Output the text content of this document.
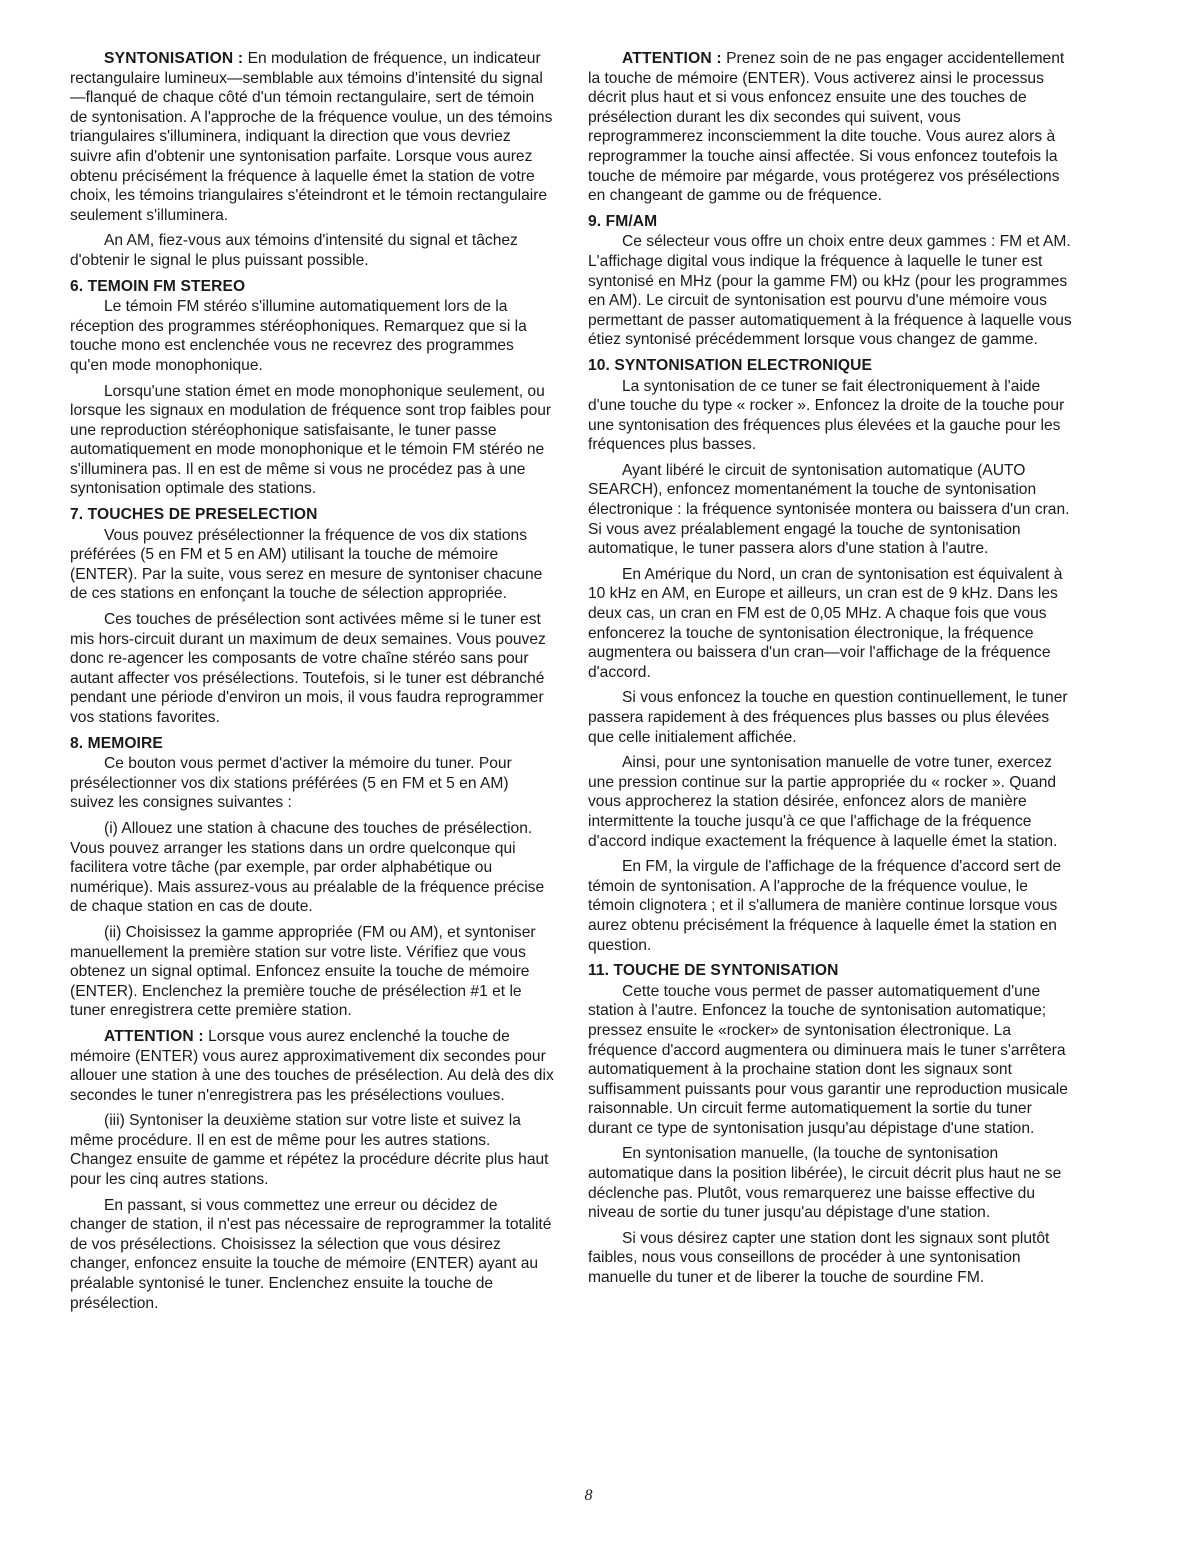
SYNTONISATION : En modulation de fréquence, un indicateur rectangulaire lumineux—semblable aux témoins d'intensité du signal—flanqué de chaque côté d'un témoin rectangulaire, sert de témoin de syntonisation. A l'approche de la fréquence voulue, un des témoins triangulaires s'illuminera, indiquant la direction que vous devriez suivre afin d'obtenir une syntonisation parfaite. Lorsque vous aurez obtenu précisément la fréquence à laquelle émet la station de votre choix, les témoins triangulaires s'éteindront et le témoin rectangulaire seulement s'illuminera.

An AM, fiez-vous aux témoins d'intensité du signal et tâchez d'obtenir le signal le plus puissant possible.

6. TEMOIN FM STEREO

Le témoin FM stéréo s'illumine automatiquement lors de la réception des programmes stéréophoniques. Remarquez que si la touche mono est enclenchée vous ne recevrez des programmes qu'en mode monophonique.

Lorsqu'une station émet en mode monophonique seulement, ou lorsque les signaux en modulation de fréquence sont trop faibles pour une reproduction stéréophonique satisfaisante, le tuner passe automatiquement en mode monophonique et le témoin FM stéréo ne s'illuminera pas. Il en est de même si vous ne procédez pas à une syntonisation optimale des stations.

7. TOUCHES DE PRESELECTION

Vous pouvez présélectionner la fréquence de vos dix stations préférées (5 en FM et 5 en AM) utilisant la touche de mémoire (ENTER). Par la suite, vous serez en mesure de syntoniser chacune de ces stations en enfonçant la touche de sélection appropriée.

Ces touches de présélection sont activées même si le tuner est mis hors-circuit durant un maximum de deux semaines. Vous pouvez donc re-agencer les composants de votre chaîne stéréo sans pour autant affecter vos présélections. Toutefois, si le tuner est débranché pendant une période d'environ un mois, il vous faudra reprogrammer vos stations favorites.

8. MEMOIRE

Ce bouton vous permet d'activer la mémoire du tuner. Pour présélectionner vos dix stations préférées (5 en FM et 5 en AM) suivez les consignes suivantes :

(i) Allouez une station à chacune des touches de présélection. Vous pouvez arranger les stations dans un ordre quelconque qui facilitera votre tâche (par exemple, par order alphabétique ou numérique). Mais assurez-vous au préalable de la fréquence précise de chaque station en cas de doute.

(ii) Choisissez la gamme appropriée (FM ou AM), et syntoniser manuellement la première station sur votre liste. Vérifiez que vous obtenez un signal optimal. Enfoncez ensuite la touche de mémoire (ENTER). Enclenchez la première touche de présélection #1 et le tuner enregistrera cette première station.

ATTENTION : Lorsque vous aurez enclenché la touche de mémoire (ENTER) vous aurez approximativement dix secondes pour allouer une station à une des touches de présélection. Au delà des dix secondes le tuner n'enregistrera pas les présélections voulues.

(iii) Syntoniser la deuxième station sur votre liste et suivez la même procédure. Il en est de même pour les autres stations. Changez ensuite de gamme et répétez la procédure décrite plus haut pour les cinq autres stations.

En passant, si vous commettez une erreur ou décidez de changer de station, il n'est pas nécessaire de reprogrammer la totalité de vos présélections. Choisissez la sélection que vous désirez changer, enfoncez ensuite la touche de mémoire (ENTER) ayant au préalable syntonisé le tuner. Enclenchez ensuite la touche de présélection.

ATTENTION : Prenez soin de ne pas engager accidentellement la touche de mémoire (ENTER). Vous activerez ainsi le processus décrit plus haut et si vous enfoncez ensuite une des touches de présélection durant les dix secondes qui suivent, vous reprogrammerez inconsciemment la dite touche. Vous aurez alors à reprogrammer la touche ainsi affectée. Si vous enfoncez toutefois la touche de mémoire par mégarde, vous protégerez vos présélections en changeant de gamme ou de fréquence.

9. FM/AM

Ce sélecteur vous offre un choix entre deux gammes : FM et AM. L'affichage digital vous indique la fréquence à laquelle le tuner est syntonisé en MHz (pour la gamme FM) ou kHz (pour les programmes en AM). Le circuit de syntonisation est pourvu d'une mémoire vous permettant de passer automatiquement à la fréquence à laquelle vous étiez syntonisé précédemment lorsque vous changez de gamme.

10. SYNTONISATION ELECTRONIQUE

La syntonisation de ce tuner se fait électroniquement à l'aide d'une touche du type « rocker ». Enfoncez la droite de la touche pour une syntonisation des fréquences plus élevées et la gauche pour les fréquences plus basses.

Ayant libéré le circuit de syntonisation automatique (AUTO SEARCH), enfoncez momentanément la touche de syntonisation électronique : la fréquence syntonisée montera ou baissera d'un cran. Si vous avez préalablement engagé la touche de syntonisation automatique, le tuner passera alors d'une station à l'autre.

En Amérique du Nord, un cran de syntonisation est équivalent à 10 kHz en AM, en Europe et ailleurs, un cran est de 9 kHz. Dans les deux cas, un cran en FM est de 0,05 MHz. A chaque fois que vous enfoncerez la touche de syntonisation électronique, la fréquence augmentera ou baissera d'un cran—voir l'affichage de la fréquence d'accord.

Si vous enfoncez la touche en question continuellement, le tuner passera rapidement à des fréquences plus basses ou plus élevées que celle initialement affichée.

Ainsi, pour une syntonisation manuelle de votre tuner, exercez une pression continue sur la partie appropriée du « rocker ». Quand vous approcherez la station désirée, enfoncez alors de manière intermittente la touche jusqu'à ce que l'affichage de la fréquence d'accord indique exactement la fréquence à laquelle émet la station.

En FM, la virgule de l'affichage de la fréquence d'accord sert de témoin de syntonisation. A l'approche de la fréquence voulue, le témoin clignotera ; et il s'allumera de manière continue lorsque vous aurez obtenu précisément la fréquence à laquelle émet la station en question.

11. TOUCHE DE SYNTONISATION

Cette touche vous permet de passer automatiquement d'une station à l'autre. Enfoncez la touche de syntonisation automatique; pressez ensuite le «rocker» de syntonisation électronique. La fréquence d'accord augmentera ou diminuera mais le tuner s'arrêtera automatiquement à la prochaine station dont les signaux sont suffisamment puissants pour vous garantir une reproduction musicale raisonnable. Un circuit ferme automatiquement la sortie du tuner durant ce type de syntonisation jusqu'au dépistage d'une station.

En syntonisation manuelle, (la touche de syntonisation automatique dans la position libérée), le circuit décrit plus haut ne se déclenche pas. Plutôt, vous remarquerez une baisse effective du niveau de sortie du tuner jusqu'au dépistage d'une station.

Si vous désirez capter une station dont les signaux sont plutôt faibles, nous vous conseillons de procéder à une syntonisation manuelle du tuner et de liberer la touche de sourdine FM.

8
